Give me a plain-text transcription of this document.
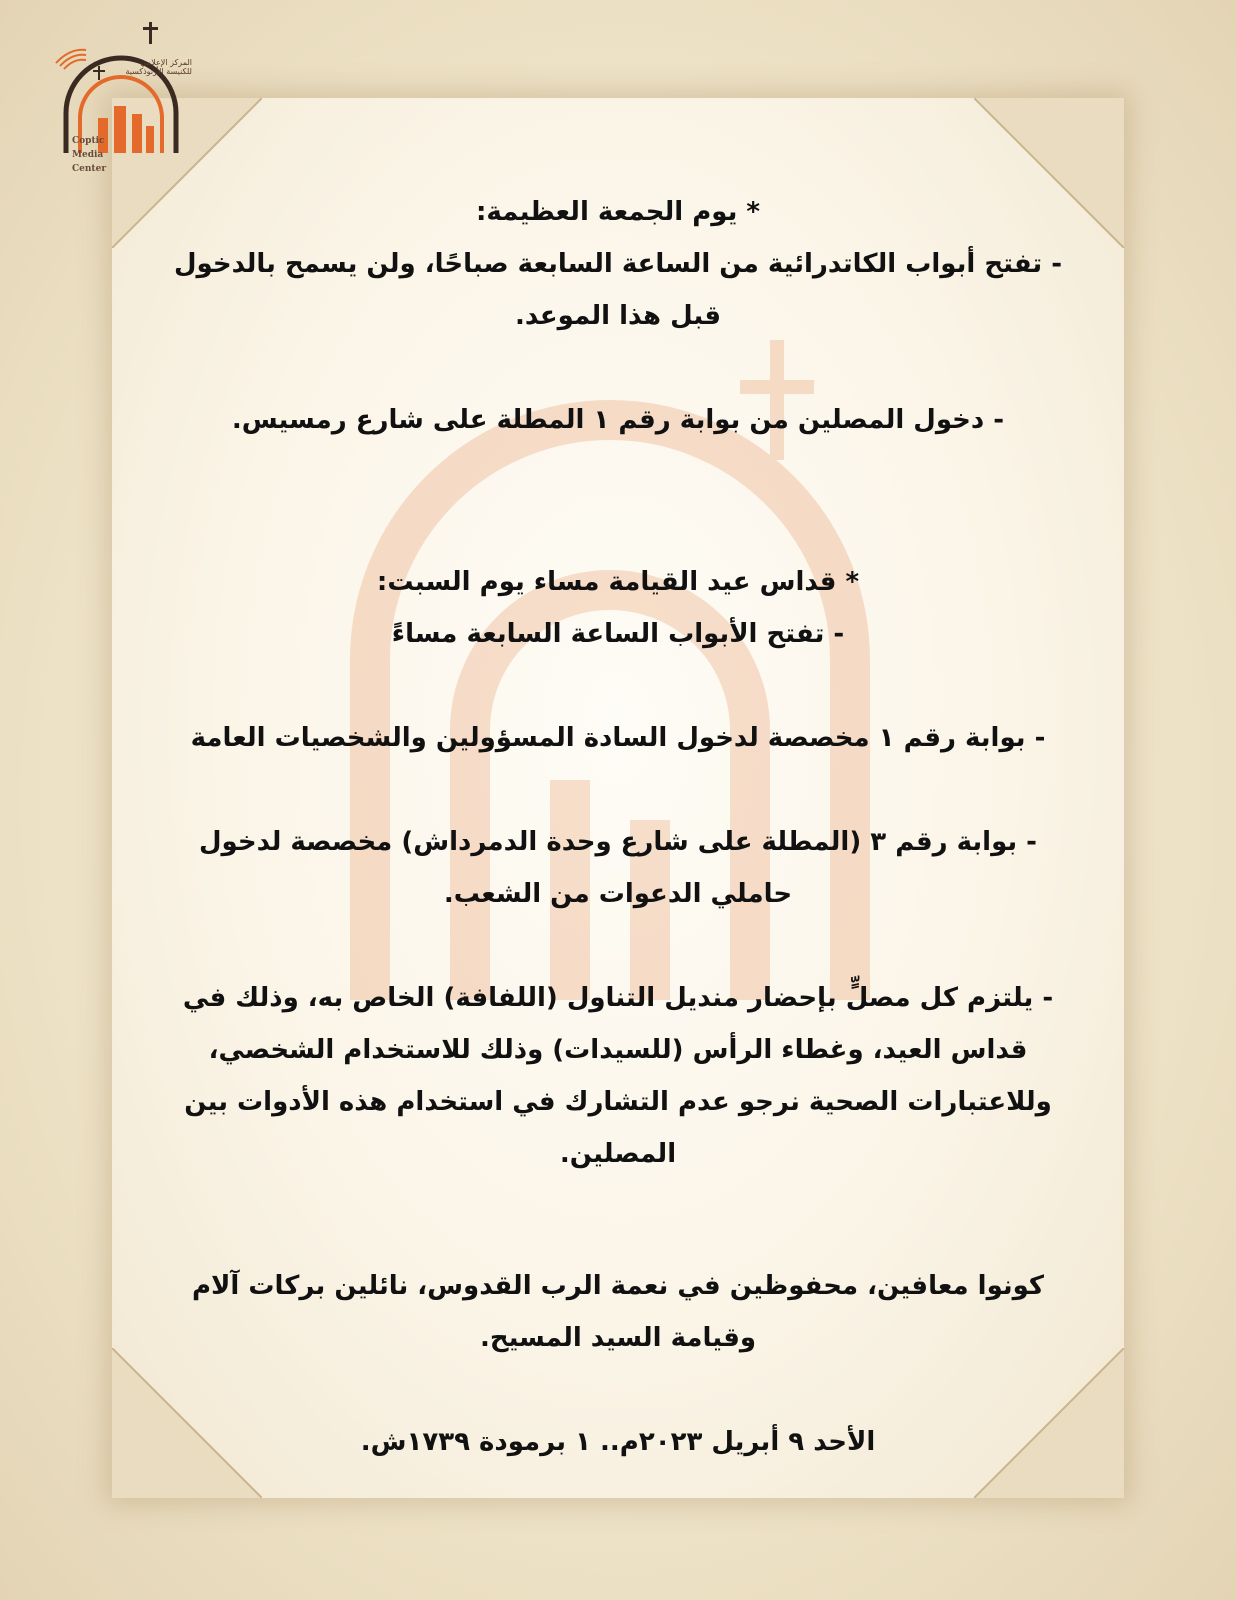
المركز الإعلامي
للكنيسة الأرثوذكسية
Coptic
Media
Center

* يوم الجمعة العظيمة:

- تفتح أبواب الكاتدرائية من الساعة السابعة صباحًا، ولن يسمح بالدخول قبل هذا الموعد.

- دخول المصلين من بوابة رقم ١ المطلة على شارع رمسيس.

* قداس عيد القيامة مساء يوم السبت:

- تفتح الأبواب الساعة السابعة مساءً

- بوابة رقم ١ مخصصة لدخول السادة المسؤولين والشخصيات العامة

- بوابة رقم ٣ (المطلة على شارع وحدة الدمرداش) مخصصة لدخول حاملي الدعوات من الشعب.

- يلتزم كل مصلٍّ بإحضار منديل التناول (اللفافة) الخاص به، وذلك في قداس العيد، وغطاء الرأس (للسيدات) وذلك للاستخدام الشخصي، وللاعتبارات الصحية نرجو عدم التشارك في استخدام هذه الأدوات بين المصلين.

كونوا معافين، محفوظين في نعمة الرب القدوس، نائلين بركات آلام وقيامة السيد المسيح.

الأحد ٩ أبريل ٢٠٢٣م.. ١ برمودة ١٧٣٩ش.
